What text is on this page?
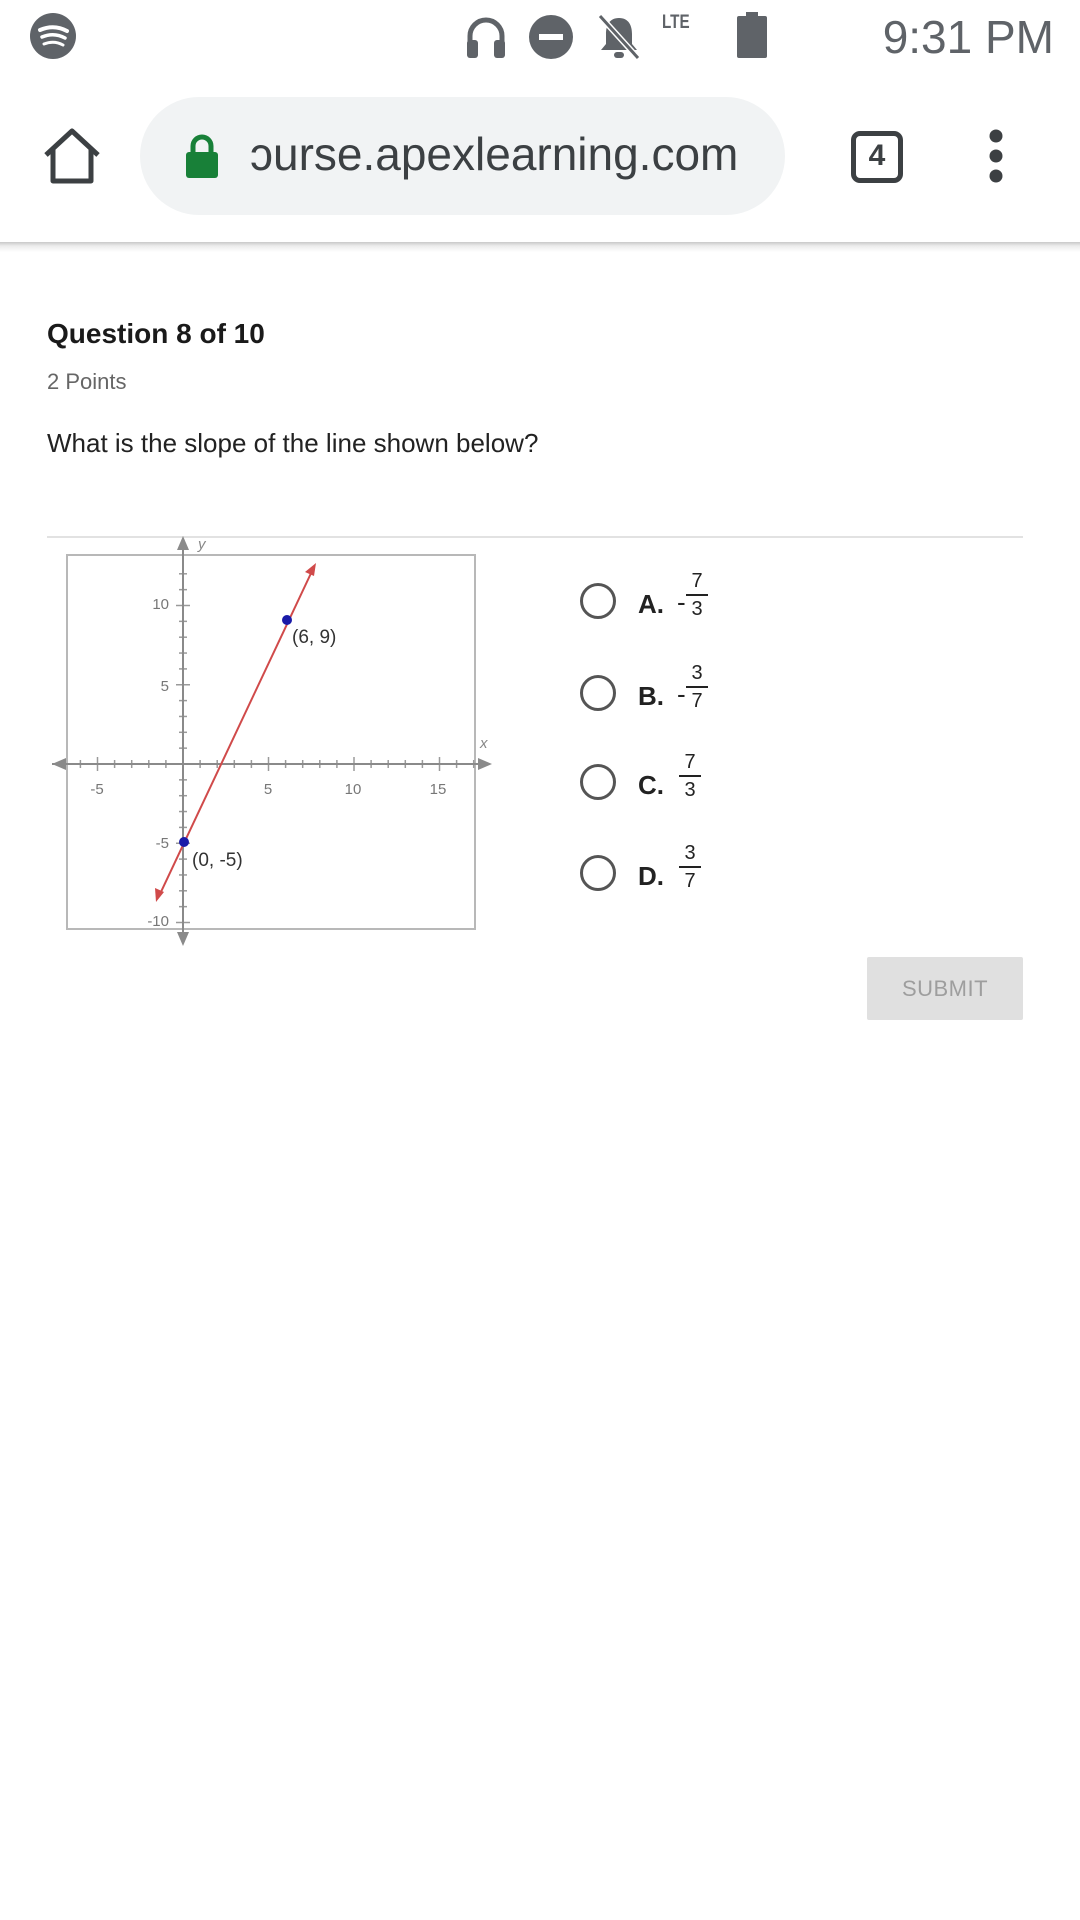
LTE	9:31 PM
ɔurse.apexlearning.com	4
Question 8 of 10
2 Points
What is the slope of the line shown below?
y
x
-5	5	10	15
10
5
-5
-10
(6, 9)
(0, -5)
A. -
7
3
B. -
3
7
C.
7
3
D.
3
7
SUBMIT
